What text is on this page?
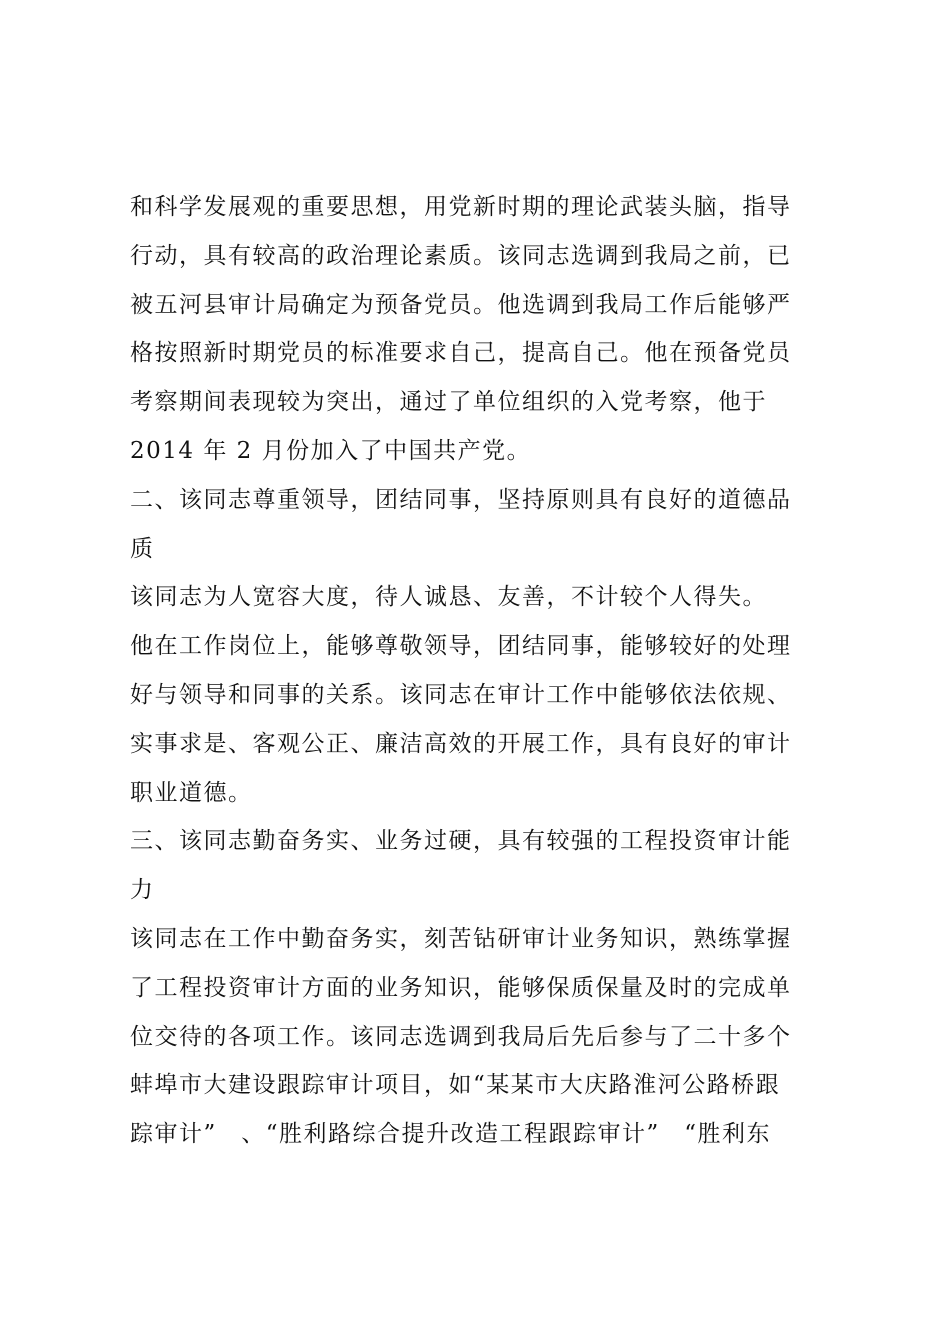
和科学发展观的重要思想，用党新时期的理论武装头脑，指导
行动，具有较高的政治理论素质。该同志选调到我局之前，已
被五河县审计局确定为预备党员。他选调到我局工作后能够严
格按照新时期党员的标准要求自己，提高自己。他在预备党员
考察期间表现较为突出，通过了单位组织的入党考察，他于
2014 年 2 月份加入了中国共产党。
二、该同志尊重领导，团结同事，坚持原则具有良好的道德品
质
该同志为人宽容大度，待人诚恳、友善，不计较个人得失。
他在工作岗位上，能够尊敬领导，团结同事，能够较好的处理
好与领导和同事的关系。该同志在审计工作中能够依法依规、
实事求是、客观公正、廉洁高效的开展工作，具有良好的审计
职业道德。
三、该同志勤奋务实、业务过硬，具有较强的工程投资审计能
力
该同志在工作中勤奋务实，刻苦钻研审计业务知识，熟练掌握
了工程投资审计方面的业务知识，能够保质保量及时的完成单
位交待的各项工作。该同志选调到我局后先后参与了二十多个
蚌埠市大建设跟踪审计项目，如“某某市大庆路淮河公路桥跟
踪审计”　、“胜利路综合提升改造工程跟踪审计”　“胜利东
